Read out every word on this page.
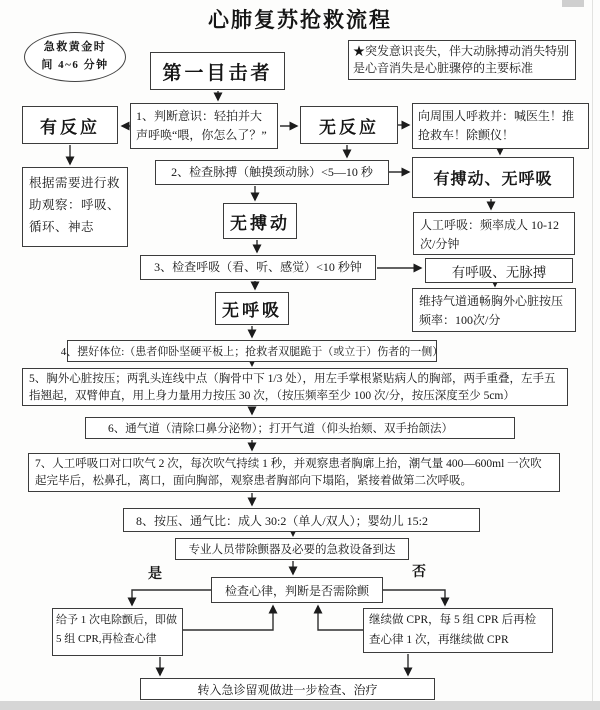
心肺复苏抢救流程
急救黄金时
间 4~6 分钟
★突发意识丧失，伴大动脉搏动消失特别是心音消失是心脏骤停的主要标准
第一目击者
有反应
1、判断意识：轻拍并大声呼唤“喂，你怎么了？”	无反应
向周围人呼救并：喊医生！推抢救车！除颤仪！
根据需要进行救助观察：呼吸、循环、神志
2、检查脉搏（触摸颈动脉）<5—10 秒	有搏动、无呼吸
无搏动	人工呼吸：频率成人 10-12 次/分钟
3、检查呼吸（看、听、感觉）<10 秒钟	有呼吸、无脉搏
无呼吸	维持气道通畅胸外心脏按压频率：100次/分
4、摆好体位:（患者仰卧坚硬平板上；抢救者双腿跪于（或立于）伤者的一侧）
5、胸外心脏按压；两乳头连线中点（胸骨中下 1/3 处），用左手掌根紧贴病人的胸部，两手重叠，左手五指翘起，双臂伸直，用上身力量用力按压 30 次，（按压频率至少 100 次/分，按压深度至少 5cm）
6、通气道（清除口鼻分泌物）；打开气道（仰头抬颏、双手抬颌法）
7、人工呼吸口对口吹气 2 次，每次吹气持续 1 秒，并观察患者胸廓上抬，潮气量 400—600ml 一次吹起完毕后，松鼻孔，离口，面向胸部，观察患者胸部向下塌陷，紧接着做第二次呼吸。
8、按压、通气比：成人 30:2（单人/双人）；婴幼儿 15:2
专业人员带除颤器及必要的急救设备到达
检查心律，判断是否需除颤
是	否
给予 1 次电除颤后，即做 5 组 CPR,再检查心律
继续做 CPR，每 5 组 CPR 后再检查心律 1 次，再继续做 CPR
转入急诊留观做进一步检查、治疗
